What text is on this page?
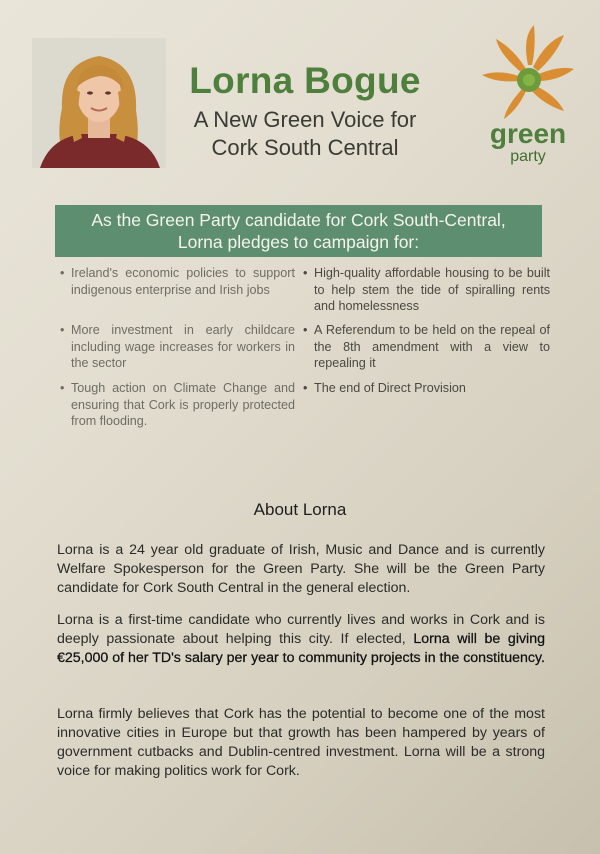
Lorna Bogue
A New Green Voice for
Cork South Central	green
party
As the Green Party candidate for Cork South-Central,
Lorna pledges to campaign for:
• Ireland's economic policies to support indigenous enterprise and Irish jobs
• More investment in early childcare including wage increases for workers in the sector
• Tough action on Climate Change and ensuring that Cork is properly protected from flooding.
• High-quality affordable housing to be built to help stem the tide of spiralling rents and homelessness
• A Referendum to be held on the repeal of the 8th amendment with a view to repealing it
• The end of Direct Provision
About Lorna

Lorna is a 24 year old graduate of Irish, Music and Dance and is currently Welfare Spokesperson for the Green Party. She will be the Green Party candidate for Cork South Central in the general election.

Lorna is a first-time candidate who currently lives and works in Cork and is deeply passionate about helping this city. If elected, Lorna will be giving €25,000 of her TD's salary per year to community projects in the constituency.

Lorna firmly believes that Cork has the potential to become one of the most innovative cities in Europe but that growth has been hampered by years of government cutbacks and Dublin-centred investment. Lorna will be a strong voice for making politics work for Cork.
